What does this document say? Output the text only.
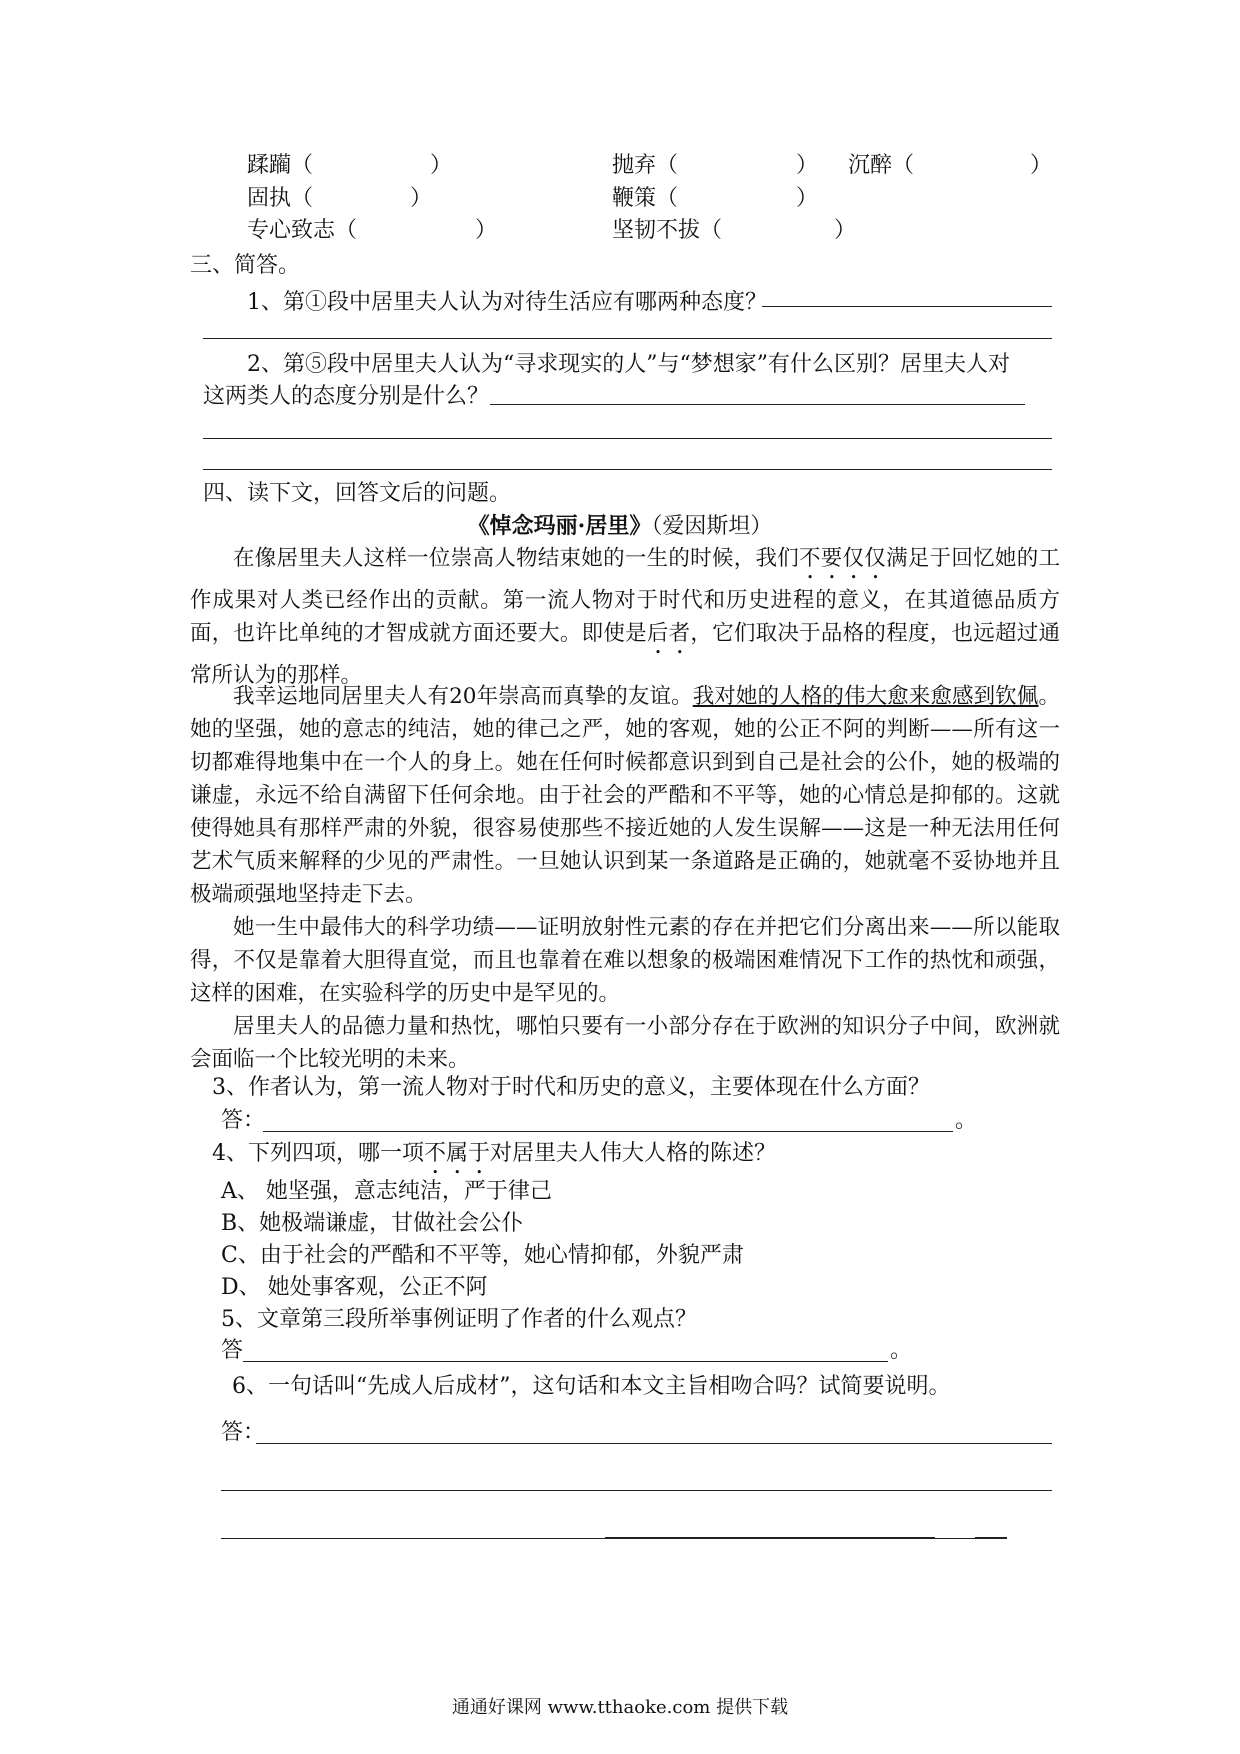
蹂躏（	）	抛弃（	） 沉醉（	）
固执（	）	鞭策（	）
专心致志（	）	坚韧不拔（	）
三、简答。
1、第①段中居里夫人认为对待生活应有哪两种态度？
2、第⑤段中居里夫人认为“寻求现实的人”与“梦想家”有什么区别？居里夫人对
这两类人的态度分别是什么？
四、读下文，回答文后的问题。
《悼念玛丽·居里》（爱因斯坦）
在像居里夫人这样一位崇高人物结束她的一生的时候，我们不要仅仅满足于回忆她的工作成果对人类已经作出的贡献。第一流人物对于时代和历史进程的意义，在其道德品质方面，也许比单纯的才智成就方面还要大。即使是后者，它们取决于品格的程度，也远超过通常所认为的那样。
我幸运地同居里夫人有20年崇高而真挚的友谊。我对她的人格的伟大愈来愈感到钦佩。她的坚强，她的意志的纯洁，她的律己之严，她的客观，她的公正不阿的判断——所有这一切都难得地集中在一个人的身上。她在任何时候都意识到到自己是社会的公仆，她的极端的谦虚，永远不给自满留下任何余地。由于社会的严酷和不平等，她的心情总是抑郁的。这就使得她具有那样严肃的外貌，很容易使那些不接近她的人发生误解——这是一种无法用任何艺术气质来解释的少见的严肃性。一旦她认识到某一条道路是正确的，她就毫不妥协地并且极端顽强地坚持走下去。
她一生中最伟大的科学功绩——证明放射性元素的存在并把它们分离出来——所以能取得，不仅是靠着大胆得直觉，而且也靠着在难以想象的极端困难情况下工作的热忱和顽强，这样的困难，在实验科学的历史中是罕见的。
居里夫人的品德力量和热忱，哪怕只要有一小部分存在于欧洲的知识分子中间，欧洲就会面临一个比较光明的未来。
3、作者认为，第一流人物对于时代和历史的意义，主要体现在什么方面？
答：	。
4、下列四项，哪一项不属于对居里夫人伟大人格的陈述？
A、 她坚强，意志纯洁，严于律己
B、她极端谦虚，甘做社会公仆
C、由于社会的严酷和不平等，她心情抑郁，外貌严肃
D、 她处事客观，公正不阿
5、文章第三段所举事例证明了作者的什么观点？
答	。
6、一句话叫“先成人后成材”，这句话和本文主旨相吻合吗？试简要说明。
答：
通通好课网 www.tthaoke.com 提供下载
